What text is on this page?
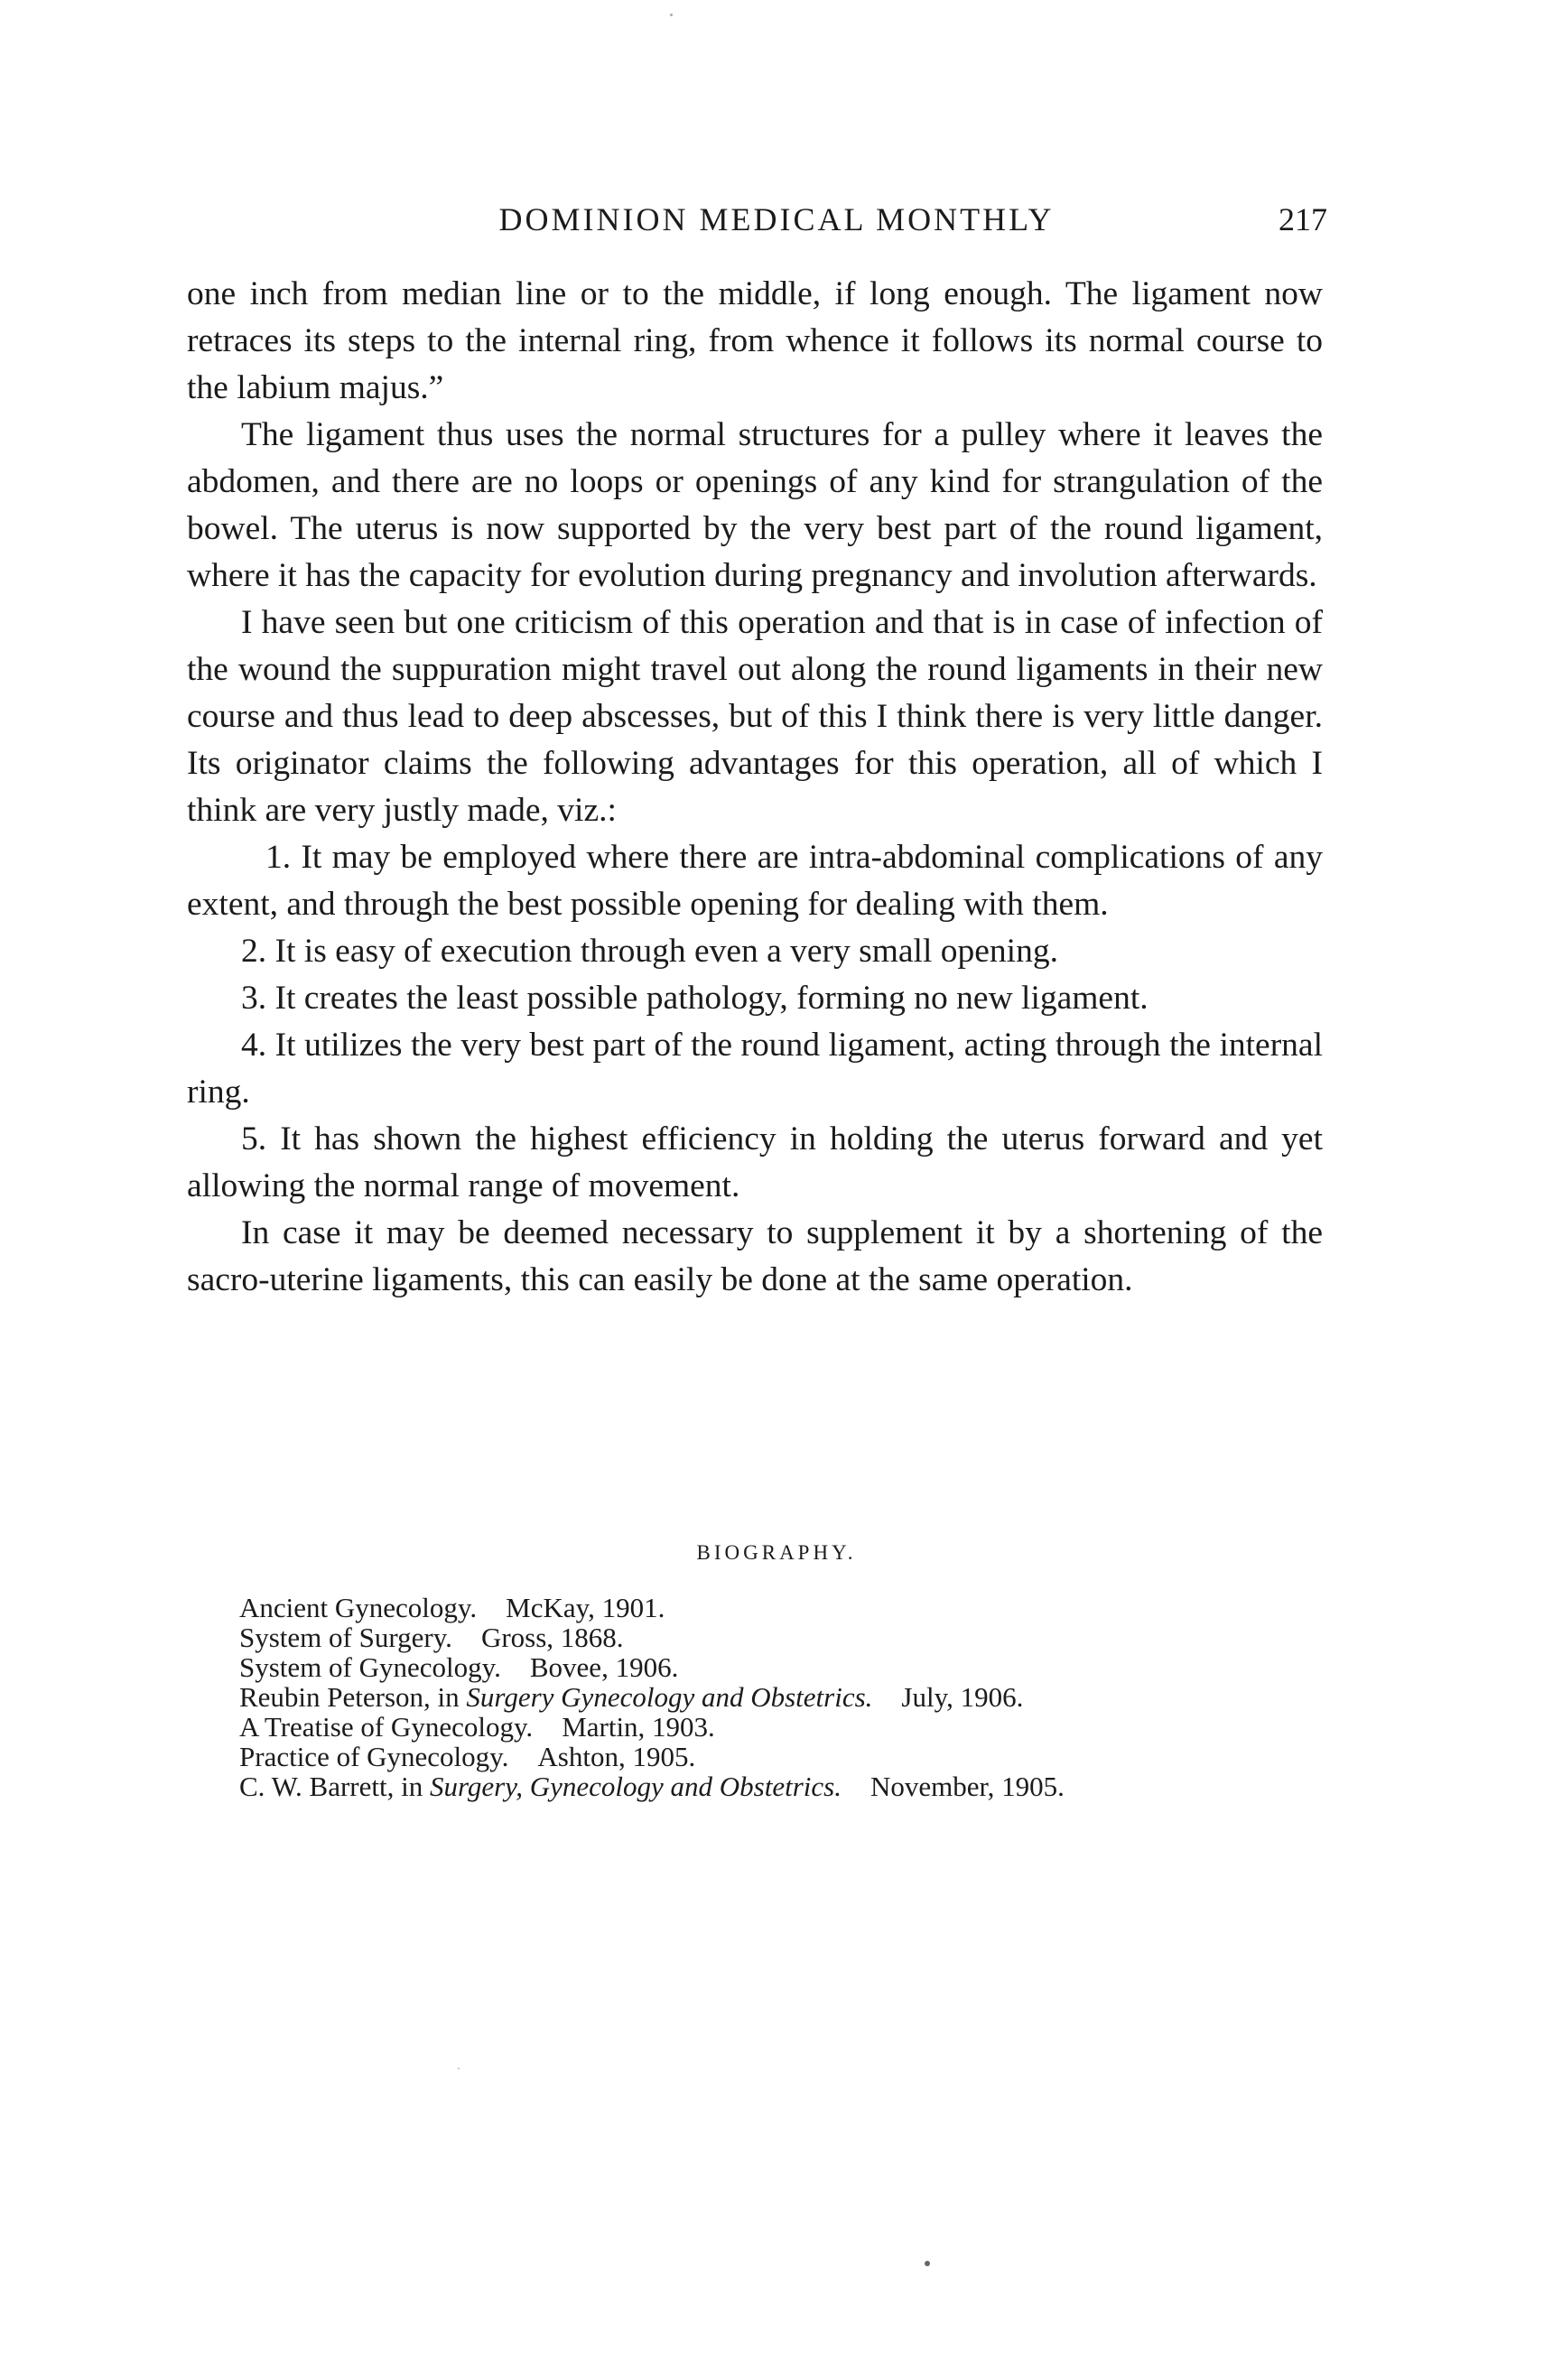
DOMINION MEDICAL MONTHLY	217

one inch from median line or to the middle, if long enough. The ligament now retraces its steps to the internal ring, from whence it follows its normal course to the labium majus.”

The ligament thus uses the normal structures for a pulley where it leaves the abdomen, and there are no loops or openings of any kind for strangulation of the bowel. The uterus is now supported by the very best part of the round ligament, where it has the capacity for evolution during pregnancy and involution afterwards.

I have seen but one criticism of this operation and that is in case of infection of the wound the suppuration might travel out along the round ligaments in their new course and thus lead to deep abscesses, but of this I think there is very little danger. Its originator claims the following advantages for this operation, all of which I think are very justly made, viz.:

1. It may be employed where there are intra-abdominal complications of any extent, and through the best possible opening for dealing with them.

2. It is easy of execution through even a very small opening.

3. It creates the least possible pathology, forming no new ligament.

4. It utilizes the very best part of the round ligament, acting through the internal ring.

5. It has shown the highest efficiency in holding the uterus forward and yet allowing the normal range of movement.

In case it may be deemed necessary to supplement it by a shortening of the sacro-uterine ligaments, this can easily be done at the same operation.

BIOGRAPHY.

Ancient Gynecology. McKay, 1901.

System of Surgery. Gross, 1868.

System of Gynecology. Bovee, 1906.

Reubin Peterson, in Surgery Gynecology and Obstetrics. July, 1906.

A Treatise of Gynecology. Martin, 1903.

Practice of Gynecology. Ashton, 1905.

C. W. Barrett, in Surgery, Gynecology and Obstetrics. November, 1905.
